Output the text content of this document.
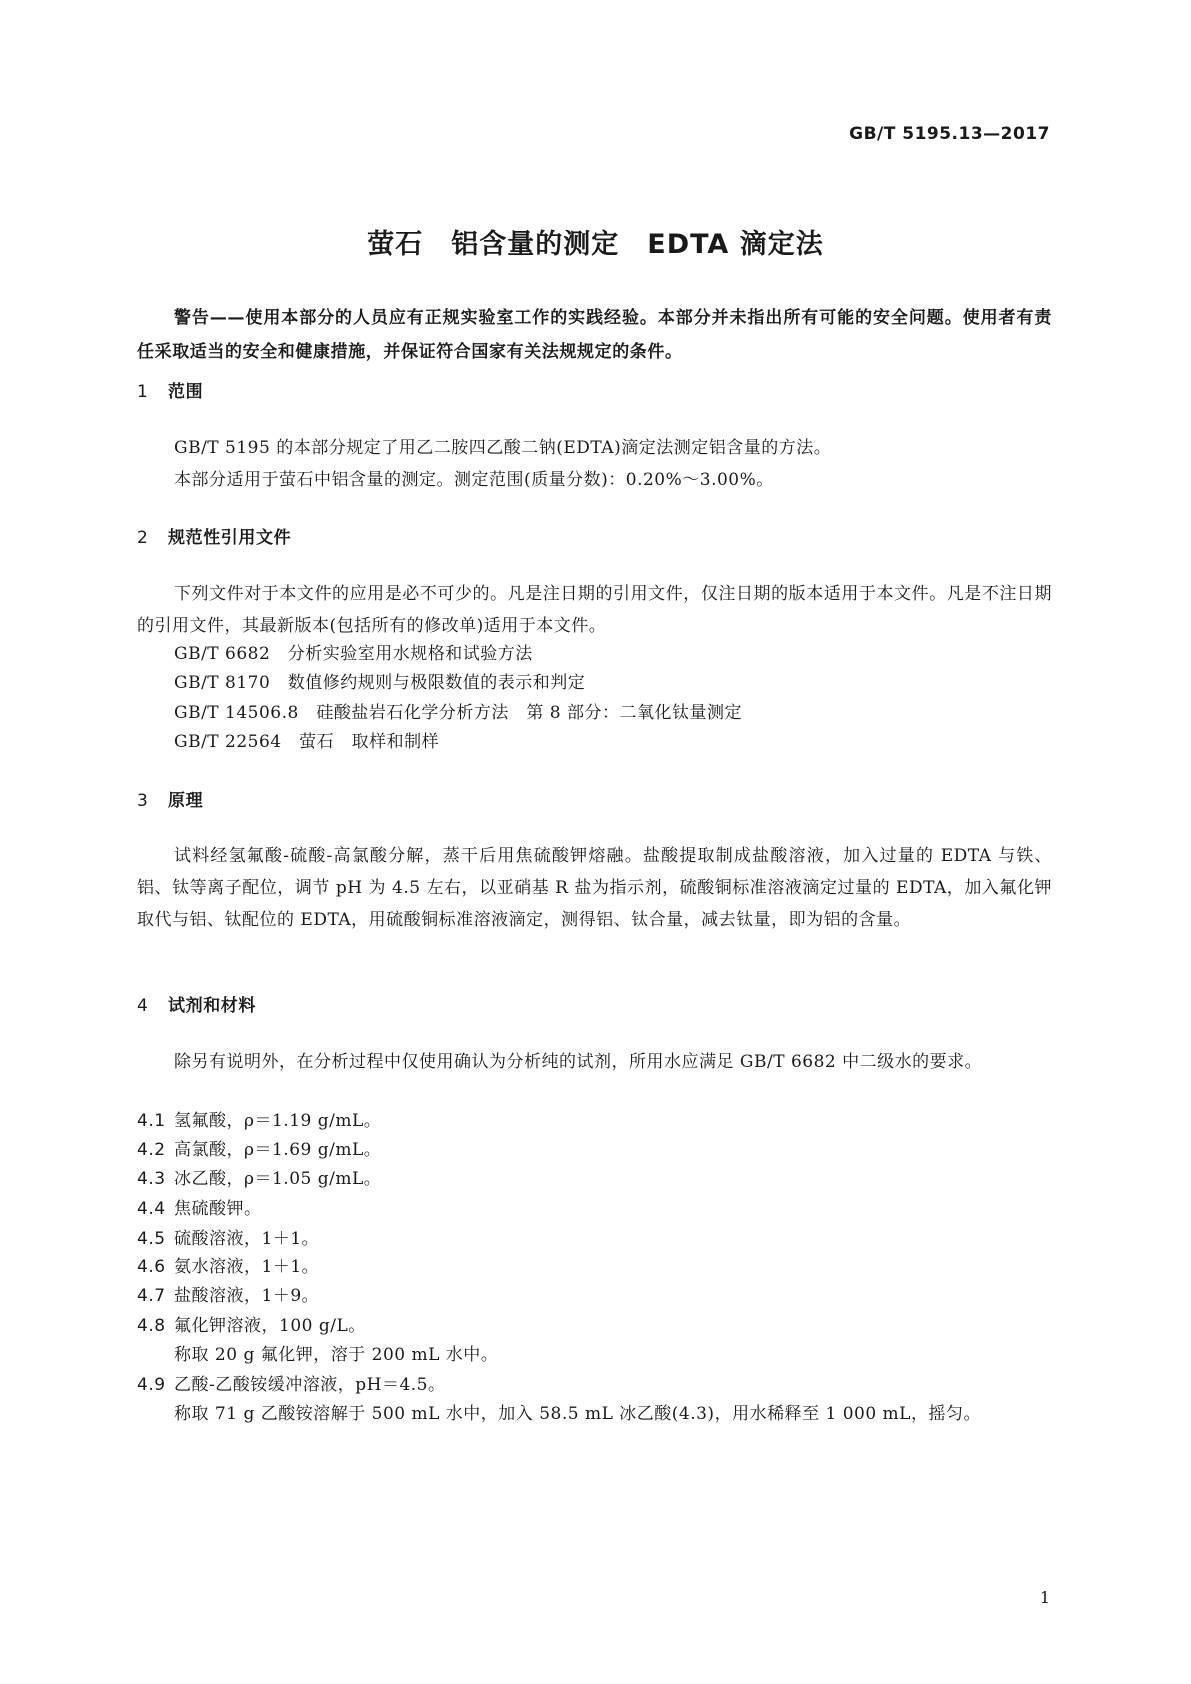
GB/T 5195.13—2017
萤石　铝含量的测定　EDTA 滴定法
警告——使用本部分的人员应有正规实验室工作的实践经验。本部分并未指出所有可能的安全问题。使用者有责任采取适当的安全和健康措施，并保证符合国家有关法规规定的条件。
1 范围
GB/T 5195 的本部分规定了用乙二胺四乙酸二钠(EDTA)滴定法测定铝含量的方法。
本部分适用于萤石中铝含量的测定。测定范围(质量分数)：0.20%～3.00%。
2 规范性引用文件
下列文件对于本文件的应用是必不可少的。凡是注日期的引用文件，仅注日期的版本适用于本文件。凡是不注日期的引用文件，其最新版本(包括所有的修改单)适用于本文件。
GB/T 6682　分析实验室用水规格和试验方法
GB/T 8170　数值修约规则与极限数值的表示和判定
GB/T 14506.8　硅酸盐岩石化学分析方法　第 8 部分：二氧化钛量测定
GB/T 22564　萤石　取样和制样
3 原理
试料经氢氟酸-硫酸-高氯酸分解，蒸干后用焦硫酸钾熔融。盐酸提取制成盐酸溶液，加入过量的 EDTA 与铁、铝、钛等离子配位，调节 pH 为 4.5 左右，以亚硝基 R 盐为指示剂，硫酸铜标准溶液滴定过量的 EDTA，加入氟化钾取代与铝、钛配位的 EDTA，用硫酸铜标准溶液滴定，测得铝、钛合量，减去钛量，即为铝的含量。
4 试剂和材料
除另有说明外，在分析过程中仅使用确认为分析纯的试剂，所用水应满足 GB/T 6682 中二级水的要求。
4.1 氢氟酸，ρ＝1.19 g/mL。
4.2 高氯酸，ρ＝1.69 g/mL。
4.3 冰乙酸，ρ＝1.05 g/mL。
4.4 焦硫酸钾。
4.5 硫酸溶液，1＋1。
4.6 氨水溶液，1＋1。
4.7 盐酸溶液，1＋9。
4.8 氟化钾溶液，100 g/L。
称取 20 g 氟化钾，溶于 200 mL 水中。
4.9 乙酸-乙酸铵缓冲溶液，pH＝4.5。
称取 71 g 乙酸铵溶解于 500 mL 水中，加入 58.5 mL 冰乙酸(4.3)，用水稀释至 1 000 mL，摇匀。
1
